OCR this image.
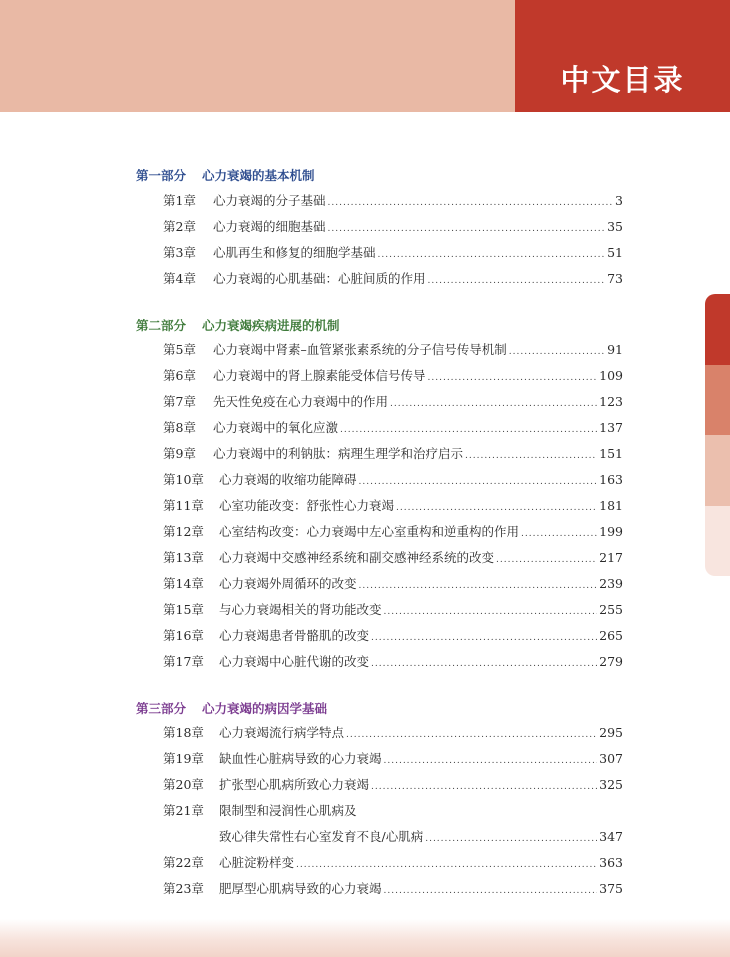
中文目录
第一部分 心力衰竭的基本机制
第1章	心力衰竭的分子基础 .....	3
第2章	心力衰竭的细胞基础 .....	35
第3章	心肌再生和修复的细胞学基础 .....	51
第4章	心力衰竭的心肌基础：心脏间质的作用 .....	73
第二部分 心力衰竭疾病进展的机制
第5章	心力衰竭中肾素–血管紧张素系统的分子信号传导机制 .....	91
第6章	心力衰竭中的肾上腺素能受体信号传导 .....	109
第7章	先天性免疫在心力衰竭中的作用 .....	123
第8章	心力衰竭中的氧化应激 .....	137
第9章	心力衰竭中的利钠肽：病理生理学和治疗启示 .....	151
第10章	心力衰竭的收缩功能障碍 .....	163
第11章	心室功能改变：舒张性心力衰竭 .....	181
第12章	心室结构改变：心力衰竭中左心室重构和逆重构的作用 .....	199
第13章	心力衰竭中交感神经系统和副交感神经系统的改变 .....	217
第14章	心力衰竭外周循环的改变 .....	239
第15章	与心力衰竭相关的肾功能改变 .....	255
第16章	心力衰竭患者骨骼肌的改变 .....	265
第17章	心力衰竭中心脏代谢的改变 .....	279
第三部分 心力衰竭的病因学基础
第18章	心力衰竭流行病学特点 .....	295
第19章	缺血性心脏病导致的心力衰竭 .....	307
第20章	扩张型心肌病所致心力衰竭 .....	325
第21章	限制型和浸润性心肌病及
致心律失常性右心室发育不良/心肌病 .....	347
第22章	心脏淀粉样变 .....	363
第23章	肥厚型心肌病导致的心力衰竭 .....	375
